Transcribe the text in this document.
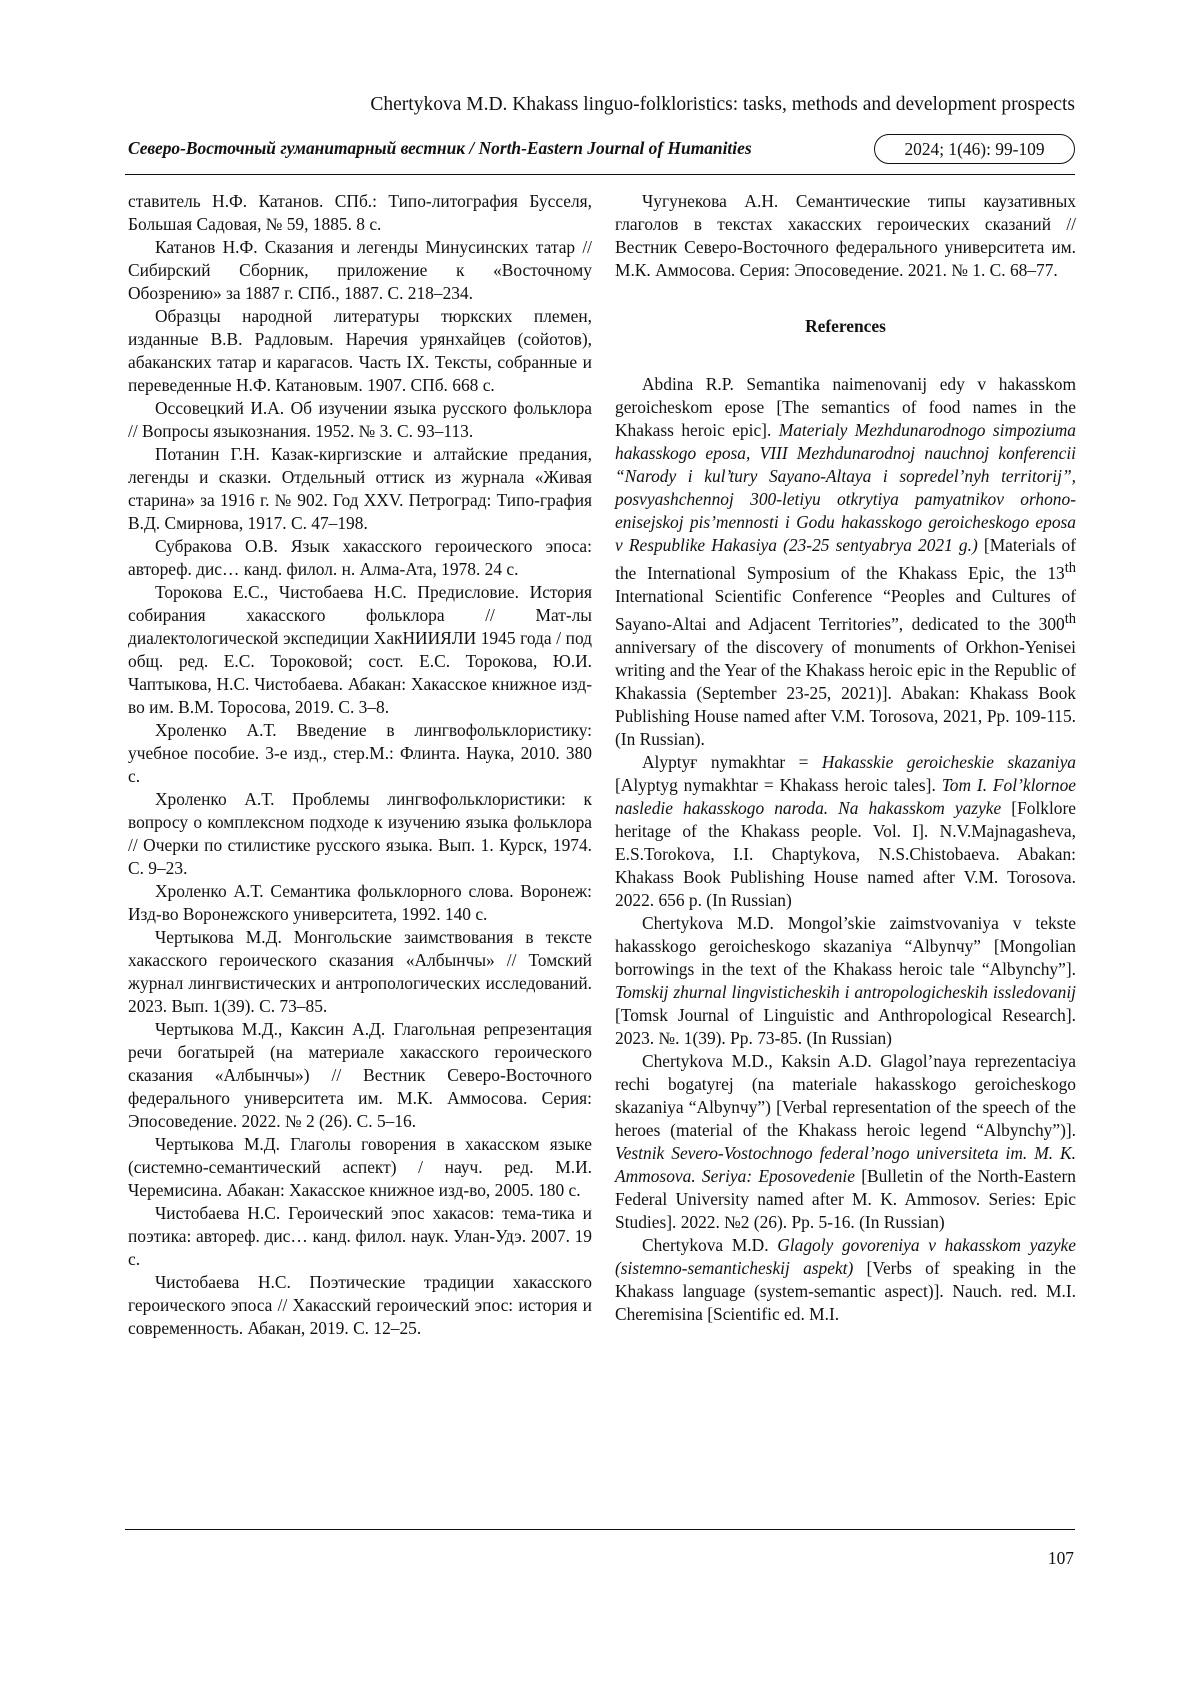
Chertykova M.D. Khakass linguo-folkloristics: tasks, methods and development prospects
Северо-Восточный гуманитарный вестник / North-Eastern Journal of Humanities	2024; 1(46): 99-109

ставитель Н.Ф. Катанов. СПб.: Типо-литография Бусселя, Большая Садовая, № 59, 1885. 8 с.

Катанов Н.Ф. Сказания и легенды Минусинских татар // Сибирский Сборник, приложение к «Восточному Обозрению» за 1887 г. СПб., 1887. С. 218–234.

Образцы народной литературы тюркских племен, изданные В.В. Радловым. Наречия урянхайцев (сойотов), абаканских татар и карагасов. Часть IX. Тексты, собранные и переведенные Н.Ф. Катановым. 1907. СПб. 668 с.

Оссовецкий И.А. Об изучении языка русского фольклора // Вопросы языкознания. 1952. № 3. С. 93–113.

Потанин Г.Н. Казак-киргизские и алтайские предания, легенды и сказки. Отдельный оттиск из журнала «Живая старина» за 1916 г. № 902. Год XXV. Петроград: Типо-графия В.Д. Смирнова, 1917. С. 47–198.

Субракова О.В. Язык хакасского героического эпоса: автореф. дис… канд. филол. н. Алма-Ата, 1978. 24 с.

Торокова Е.С., Чистобаева Н.С. Предисловие. История собирания хакасского фольклора // Мат-лы диалектологической экспедиции ХакНИИЯЛИ 1945 года / под общ. ред. Е.С. Тороковой; сост. Е.С. Торокова, Ю.И. Чаптыкова, Н.С. Чистобаева. Абакан: Хакасское книжное изд-во им. В.М. Торосова, 2019. С. 3–8.

Хроленко А.Т. Введение в лингвофольклористику: учебное пособие. 3-е изд., стер.М.: Флинта. Наука, 2010. 380 с.

Хроленко А.Т. Проблемы лингвофольклористики: к вопросу о комплексном подходе к изучению языка фольклора // Очерки по стилистике русского языка. Вып. 1. Курск, 1974. С. 9–23.

Хроленко А.Т. Семантика фольклорного слова. Воронеж: Изд-во Воронежского университета, 1992. 140 с.

Чертыкова М.Д. Монгольские заимствования в тексте хакасского героического сказания «Албынчы» // Томский журнал лингвистических и антропологических исследований. 2023. Вып. 1(39). С. 73–85.

Чертыкова М.Д., Каксин А.Д. Глагольная репрезентация речи богатырей (на материале хакасского героического сказания «Албынчы») // Вестник Северо-Восточного федерального университета им. М.К. Аммосова. Серия: Эпосоведение. 2022. № 2 (26). С. 5–16.

Чертыкова М.Д. Глаголы говорения в хакасском языке (системно-семантический аспект) / науч. ред. М.И. Черемисина. Абакан: Хакасское книжное изд-во, 2005. 180 с.

Чистобаева Н.С. Героический эпос хакасов: тема-тика и поэтика: автореф. дис… канд. филол. наук. Улан-Удэ. 2007. 19 с.

Чистобаева Н.С. Поэтические традиции хакасского героического эпоса // Хакасский героический эпос: история и современность. Абакан, 2019. С. 12–25.

Чугунекова А.Н. Семантические типы каузативных глаголов в текстах хакасских героических сказаний // Вестник Северо-Восточного федерального университета им. М.К. Аммосова. Серия: Эпосоведение. 2021. № 1. С. 68–77.

References

Abdina R.P. Semantika naimenovanij edy v hakasskom geroicheskom epose [The semantics of food names in the Khakass heroic epic]. Materialy Mezhdunarodnogo simpoziuma hakasskogo eposa, VIII Mezhdunarodnoj nauchnoj konferencii “Narody i kul’tury Sayano-Altaya i sopredel’nyh territorij”, posvyashchennoj 300-letiyu otkrytiya pamyatnikov orhono-enisejskoj pis’mennosti i Godu hakasskogo geroicheskogo eposa v Respublike Hakasiya (23-25 sentyabrya 2021 g.) [Materials of the International Symposium of the Khakass Epic, the 13th International Scientific Conference “Peoples and Cultures of Sayano-Altai and Adjacent Territories”, dedicated to the 300th anniversary of the discovery of monuments of Orkhon-Yenisei writing and the Year of the Khakass heroic epic in the Republic of Khakassia (September 23-25, 2021)]. Abakan: Khakass Book Publishing House named after V.M. Torosova, 2021, Pp. 109-115. (In Russian).

Alyptyғ nymakhtar = Hakasskie geroicheskie skazaniya [Alyptyg nymakhtar = Khakass heroic tales]. Tom I. Fol’klornoe nasledie hakasskogo naroda. Na hakasskom yazyke [Folklore heritage of the Khakass people. Vol. I]. N.V.Majnagasheva, E.S.Torokova, I.I. Chaptykova, N.S.Chistobaeva. Abakan: Khakass Book Publishing House named after V.M. Torosova. 2022. 656 p. (In Russian)

Chertykova M.D. Mongol’skie zaimstvovaniya v tekste hakasskogo geroicheskogo skazaniya “Albynчу” [Mongolian borrowings in the text of the Khakass heroic tale “Albynchy”]. Tomskij zhurnal lingvisticheskih i antropologicheskih issledovanij [Tomsk Journal of Linguistic and Anthropological Research]. 2023. №. 1(39). Pp. 73-85. (In Russian)

Chertykova M.D., Kaksin A.D. Glagol’naya reprezentaciya rechi bogatyrej (na materiale hakasskogo geroicheskogo skazaniya “Albynчу”) [Verbal representation of the speech of the heroes (material of the Khakass heroic legend “Albynchy”)]. Vestnik Severo-Vostochnogo federal’nogo universiteta im. M. K. Ammosova. Seriya: Eposovedenie [Bulletin of the North-Eastern Federal University named after M. K. Ammosov. Series: Epic Studies]. 2022. №2 (26). Pp. 5-16. (In Russian)

Chertykova M.D. Glagoly govoreniya v hakasskom yazyke (sistemno-semanticheskij aspekt) [Verbs of speaking in the Khakass language (system-semantic aspect)]. Nauch. red. M.I. Cheremisina [Scientific ed. M.I.

107
